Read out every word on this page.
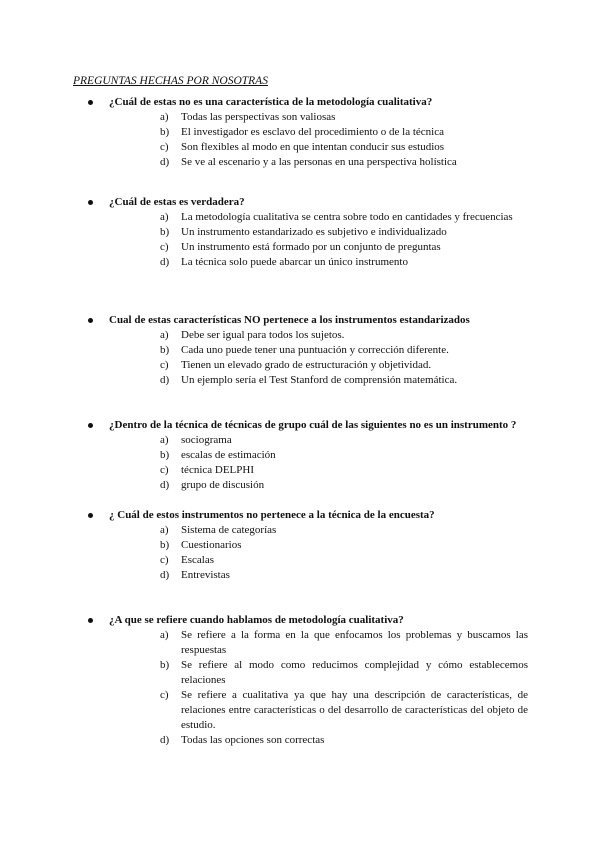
PREGUNTAS HECHAS POR NOSOTRAS
¿Cuál de estas no es una característica de la metodología cualitativa?
a) Todas las perspectivas son valiosas
b) El investigador es esclavo del procedimiento o de la técnica
c) Son flexibles al modo en que intentan conducir sus estudios
d) Se ve al escenario y a las personas en una perspectiva holística
¿Cuál de estas es verdadera?
a) La metodología cualitativa se centra sobre todo en cantidades y frecuencias
b) Un instrumento estandarizado es subjetivo e individualizado
c) Un instrumento está formado por un conjunto de preguntas
d) La técnica solo puede abarcar un único instrumento
Cual de estas características NO pertenece a los instrumentos estandarizados
a) Debe ser igual para todos los sujetos.
b) Cada uno puede tener una puntuación y corrección diferente.
c) Tienen un elevado grado de estructuración y objetividad.
d) Un ejemplo sería el Test Stanford de comprensión matemática.
¿Dentro de la técnica de técnicas de grupo cuál de las siguientes no es un instrumento ?
a) sociograma
b) escalas de estimación
c) técnica DELPHI
d) grupo de discusión
¿ Cuál de estos instrumentos no pertenece a la técnica de la encuesta?
a) Sistema de categorías
b) Cuestionarios
c) Escalas
d) Entrevistas
¿A que se refiere cuando hablamos de metodología cualitativa?
a) Se refiere a la forma en la que enfocamos los problemas y buscamos las respuestas
b) Se refiere al modo como reducimos complejidad y cómo establecemos relaciones
c) Se refiere a cualitativa ya que hay una descripción de características, de relaciones entre características o del desarrollo de características del objeto de estudio.
d) Todas las opciones son correctas
